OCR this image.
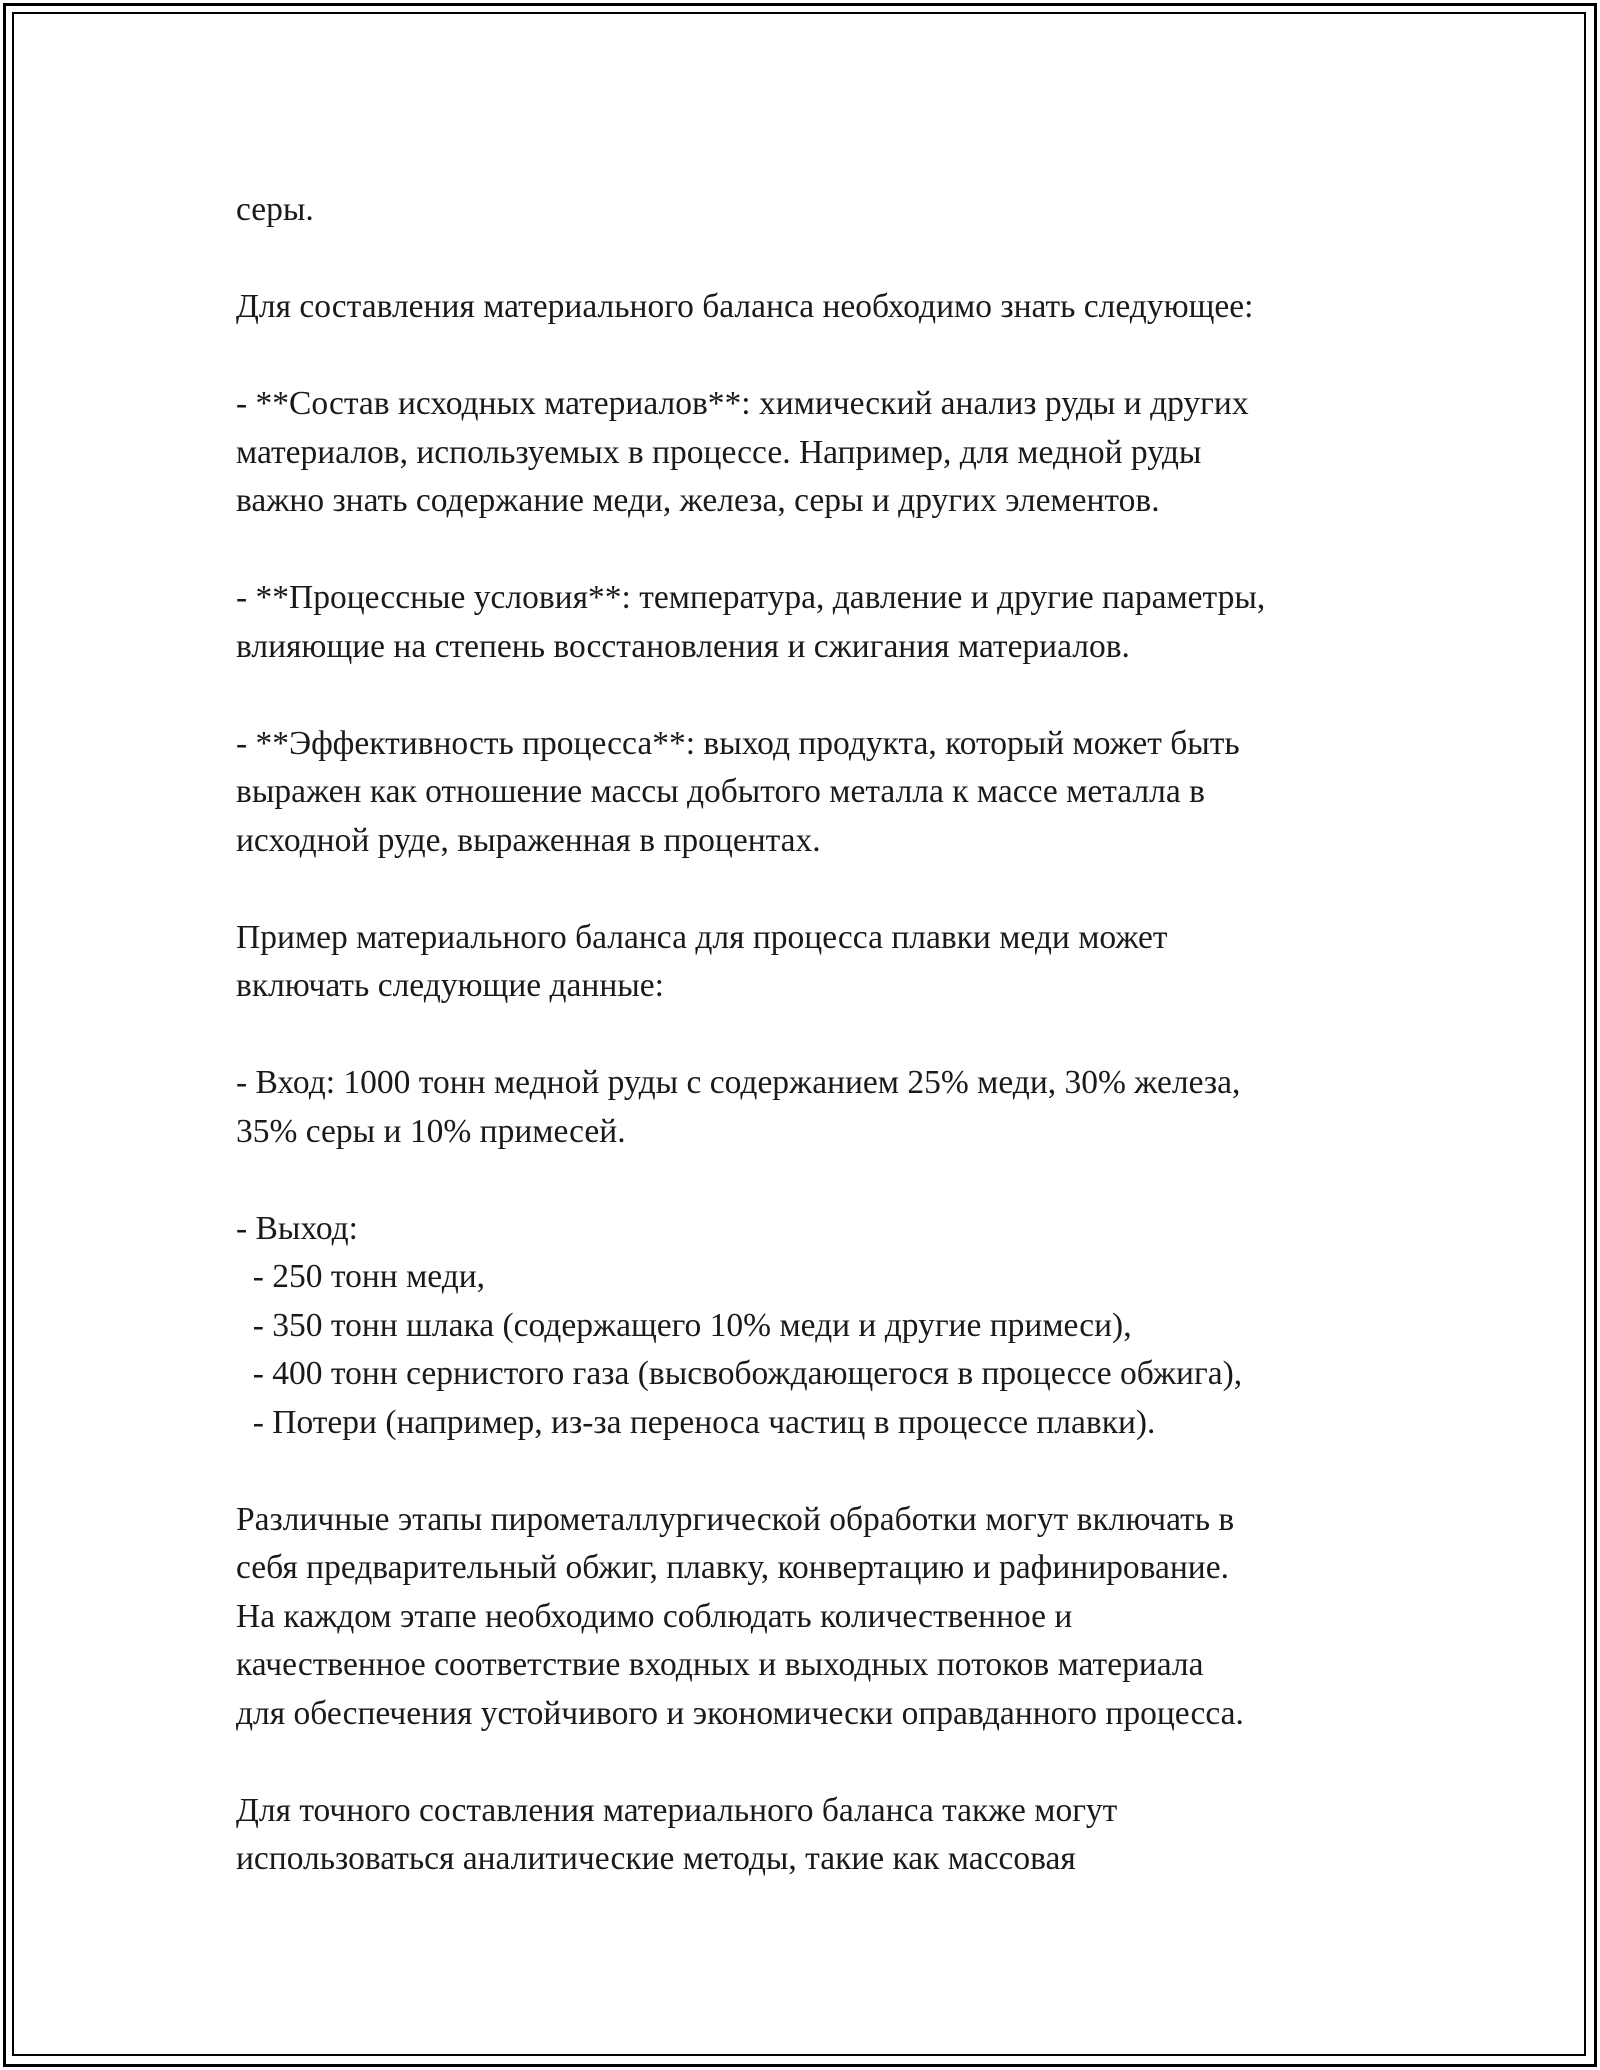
серы.
Для составления материального баланса необходимо знать следующее:
- **Состав исходных материалов**: химический анализ руды и других
материалов, используемых в процессе. Например, для медной руды
важно знать содержание меди, железа, серы и других элементов.
- **Процессные условия**: температура, давление и другие параметры,
влияющие на степень восстановления и сжигания материалов.
- **Эффективность процесса**: выход продукта, который может быть
выражен как отношение массы добытого металла к массе металла в
исходной руде, выраженная в процентах.
Пример материального баланса для процесса плавки меди может
включать следующие данные:
- Вход: 1000 тонн медной руды с содержанием 25% меди, 30% железа,
35% серы и 10% примесей.
- Выход:
- 250 тонн меди,
- 350 тонн шлака (содержащего 10% меди и другие примеси),
- 400 тонн сернистого газа (высвобождающегося в процессе обжига),
- Потери (например, из-за переноса частиц в процессе плавки).
Различные этапы пирометаллургической обработки могут включать в
себя предварительный обжиг, плавку, конвертацию и рафинирование.
На каждом этапе необходимо соблюдать количественное и
качественное соответствие входных и выходных потоков материала
для обеспечения устойчивого и экономически оправданного процесса.
Для точного составления материального баланса также могут
использоваться аналитические методы, такие как массовая
